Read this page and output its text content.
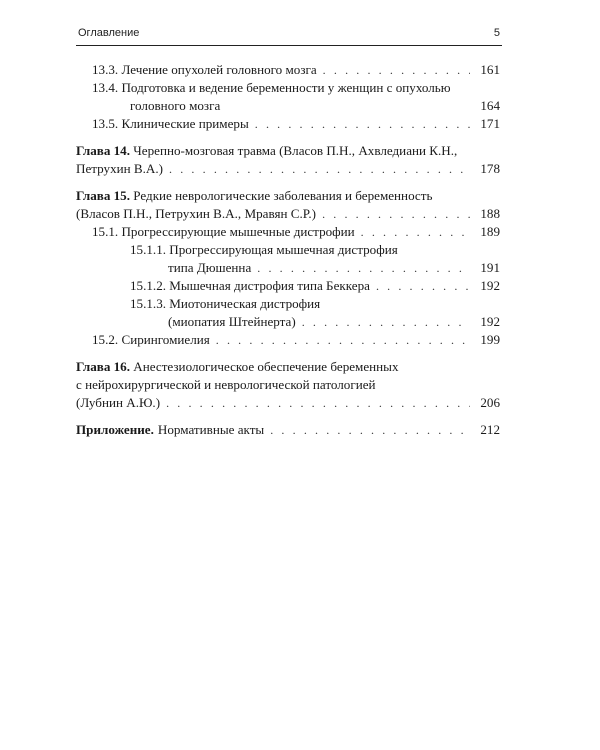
Оглавление	5
13.3. Лечение опухолей головного мозга . . .	161
13.4. Подготовка и ведение беременности у женщин с опухолью
головного мозга	164
13.5. Клинические примеры . . .	171
Глава 14. Черепно-мозговая травма (Власов П.Н., Ахвледиани К.Н.,
Петрухин В.А.) . . .	178
Глава 15. Редкие неврологические заболевания и беременность
(Власов П.Н., Петрухин В.А., Мравян С.Р.) . . .	188
15.1. Прогрессирующие мышечные дистрофии . . .	189
15.1.1. Прогрессирующая мышечная дистрофия
типа Дюшенна . . .	191
15.1.2. Мышечная дистрофия типа Беккера . . .	192
15.1.3. Миотоническая дистрофия
(миопатия Штейнерта) . . .	192
15.2. Сирингомиелия . . .	199
Глава 16. Анестезиологическое обеспечение беременных
с нейрохирургической и неврологической патологией
(Лубнин А.Ю.) . . .	206
Приложение. Нормативные акты . . .	212
